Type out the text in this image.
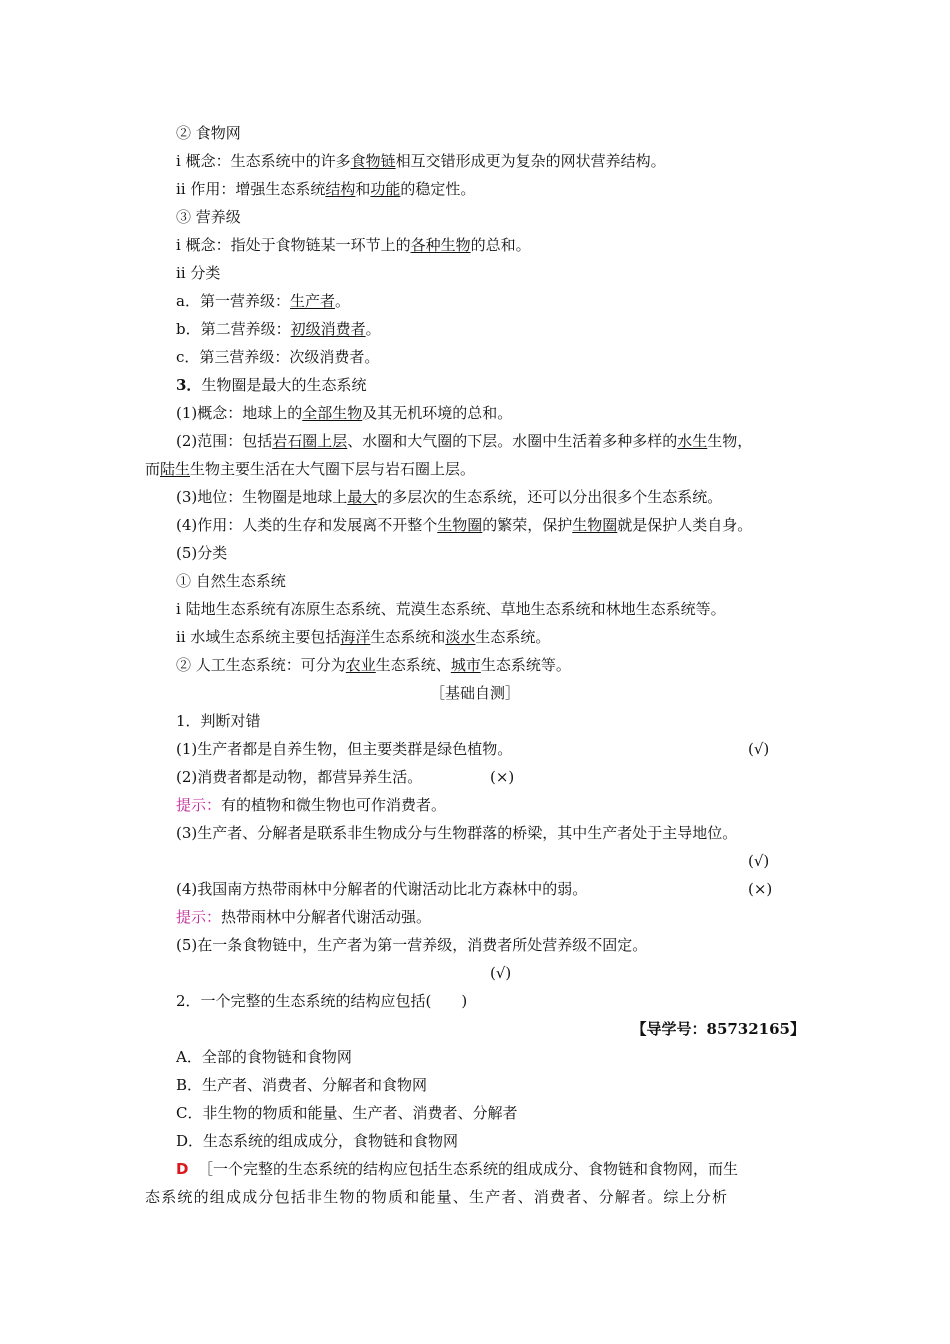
② 食物网
ⅰ 概念：生态系统中的许多食物链相互交错形成更为复杂的网状营养结构。
ⅱ 作用：增强生态系统结构和功能的稳定性。
③ 营养级
ⅰ 概念：指处于食物链某一环节上的各种生物的总和。
ⅱ 分类
a．第一营养级：生产者。
b．第二营养级：初级消费者。
c．第三营养级：次级消费者。
3．生物圈是最大的生态系统
(1)概念：地球上的全部生物及其无机环境的总和。
(2)范围：包括岩石圈上层、水圈和大气圈的下层。水圈中生活着多种多样的水生生物，
而陆生生物主要生活在大气圈下层与岩石圈上层。
(3)地位：生物圈是地球上最大的多层次的生态系统，还可以分出很多个生态系统。
(4)作用：人类的生存和发展离不开整个生物圈的繁荣，保护生物圈就是保护人类自身。
(5)分类
① 自然生态系统
ⅰ 陆地生态系统有冻原生态系统、荒漠生态系统、草地生态系统和林地生态系统等。
ⅱ 水域生态系统主要包括海洋生态系统和淡水生态系统。
② 人工生态系统：可分为农业生态系统、城市生态系统等。
［基础自测］
1．判断对错
(1)生产者都是自养生物，但主要类群是绿色植物。	(√)
(2)消费者都是动物，都营异养生活。	(×)
提示：有的植物和微生物也可作消费者。
(3)生产者、分解者是联系非生物成分与生物群落的桥梁，其中生产者处于主导地位。
(√)
(4)我国南方热带雨林中分解者的代谢活动比北方森林中的弱。	(×)
提示：热带雨林中分解者代谢活动强。
(5)在一条食物链中，生产者为第一营养级，消费者所处营养级不固定。
(√)
2．一个完整的生态系统的结构应包括(　　)
【导学号：85732165】
A．全部的食物链和食物网
B．生产者、消费者、分解者和食物网
C．非生物的物质和能量、生产者、消费者、分解者
D．生态系统的组成成分，食物链和食物网
D ［一个完整的生态系统的结构应包括生态系统的组成成分、食物链和食物网，而生
态系统的组成成分包括非生物的物质和能量、生产者、消费者、分解者。综上分析
